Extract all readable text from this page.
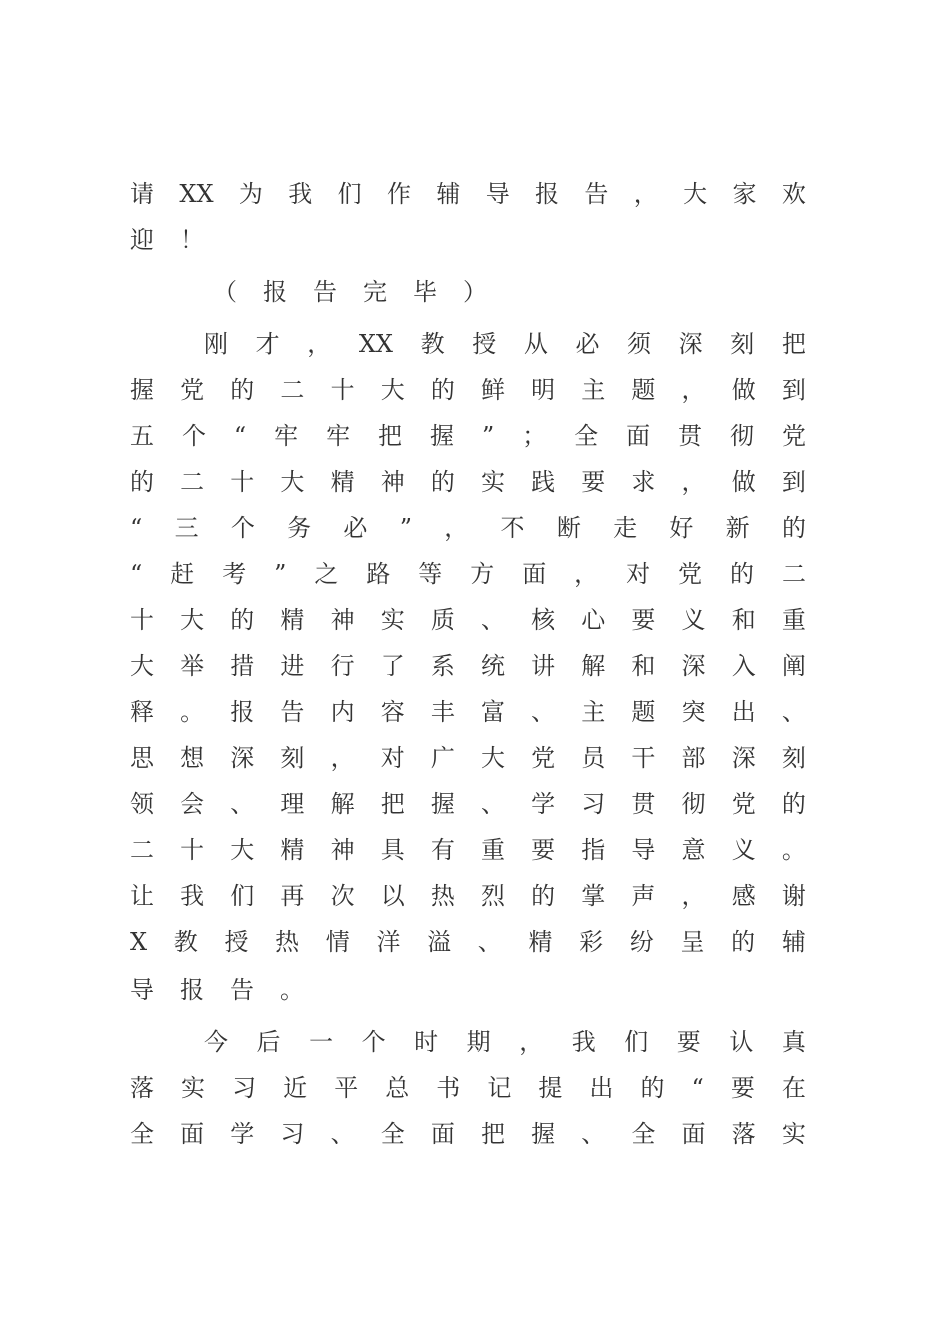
请 XX 为 我 们 作 辅 导 报 告 ， 大 家 欢
迎 ！
（ 报 告 完 毕 ）
刚 才 ， XX 教 授 从 必 须 深 刻 把
握 党 的 二 十 大 的 鲜 明 主 题 ， 做 到
五 个 “ 牢 牢 把 握 ” ； 全 面 贯 彻 党
的 二 十 大 精 神 的 实 践 要 求 ， 做 到
“ 三 个 务 必 ” ， 不 断 走 好 新 的
“ 赶 考 ” 之 路 等 方 面 ， 对 党 的 二
十 大 的 精 神 实 质 、 核 心 要 义 和 重
大 举 措 进 行 了 系 统 讲 解 和 深 入 阐
释 。 报 告 内 容 丰 富 、 主 题 突 出 、
思 想 深 刻 ， 对 广 大 党 员 干 部 深 刻
领 会 、 理 解 把 握 、 学 习 贯 彻 党 的
二 十 大 精 神 具 有 重 要 指 导 意 义 。
让 我 们 再 次 以 热 烈 的 掌 声 ， 感 谢
X 教 授 热 情 洋 溢 、 精 彩 纷 呈 的 辅
导 报 告 。
今 后 一 个 时 期 ， 我 们 要 认 真
落 实 习 近 平 总 书 记 提 出 的 “ 要 在
全 面 学 习 、 全 面 把 握 、 全 面 落 实
